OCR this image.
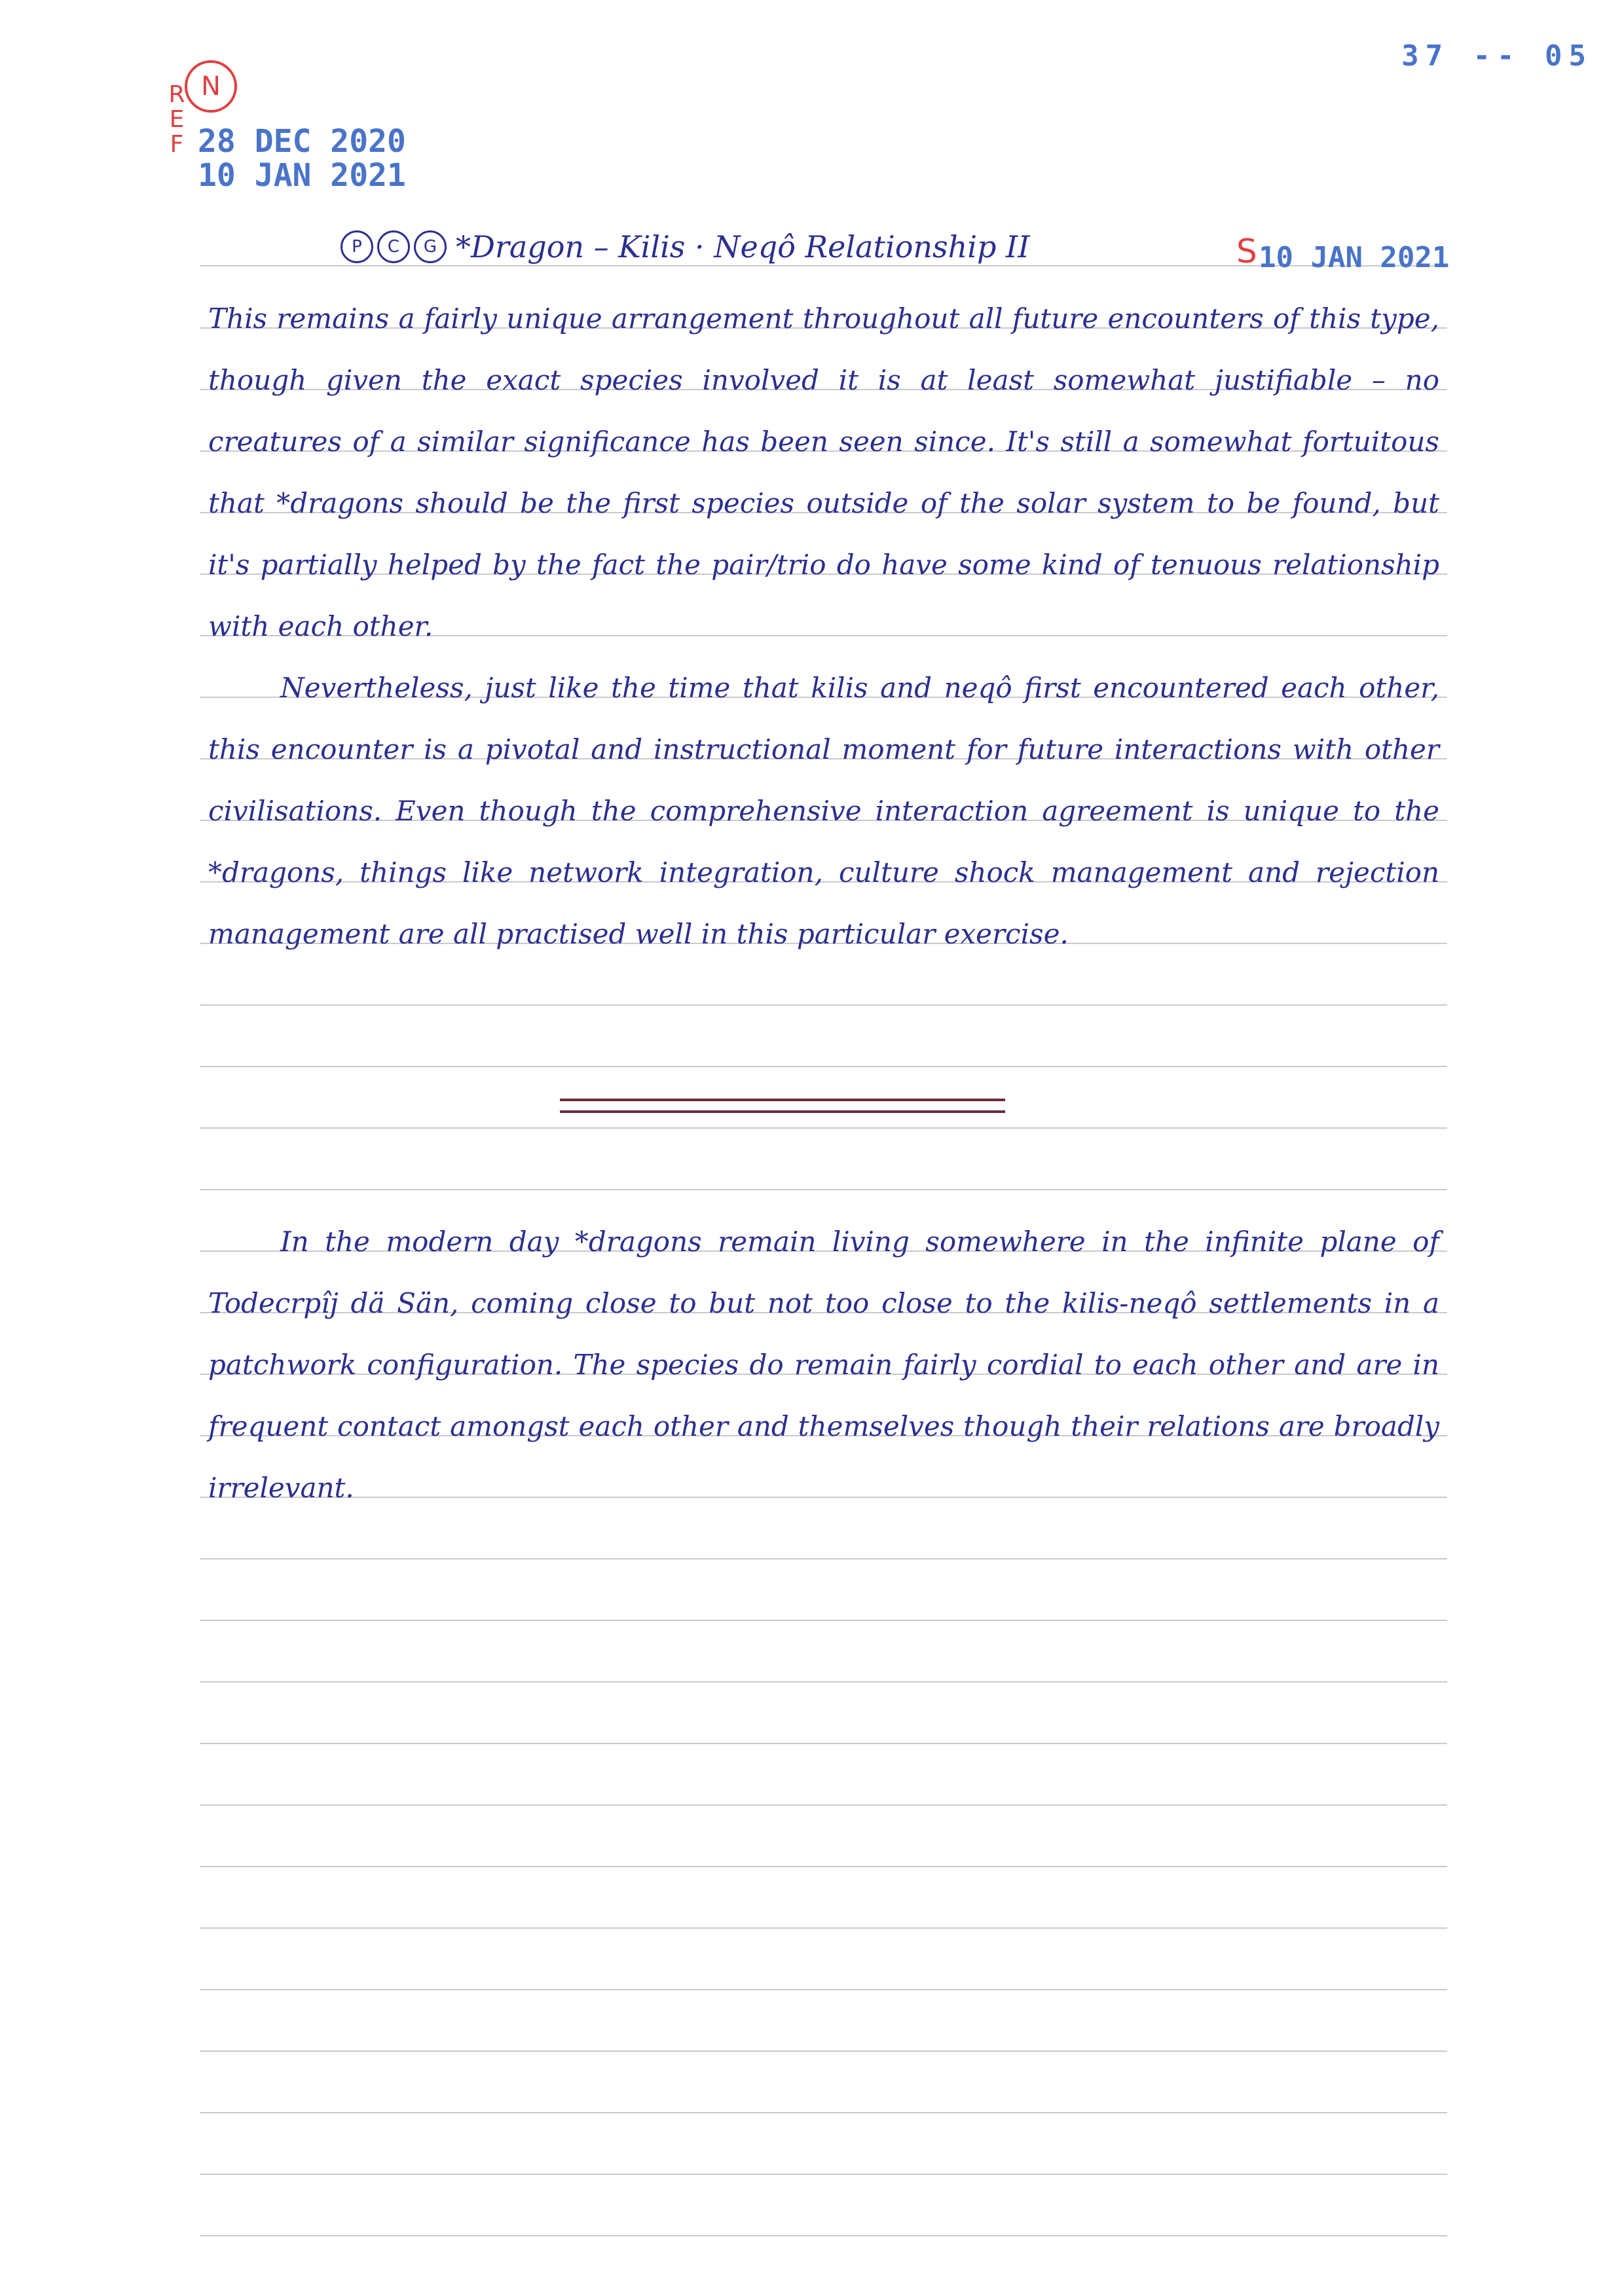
37 -- 05
N
R
E
F 28 DEC 2020
10 JAN 2021
P	C	G *Dragon – Kilis · Neqô Relationship II	S 10 JAN 2021

This remains a fairly unique arrangement throughout all future encounters of this type, though given the exact species involved it is at least somewhat justifiable – no creatures of a similar significance has been seen since. It's still a somewhat fortuitous that *dragons should be the first species outside of the solar system to be found, but it's partially helped by the fact the pair/trio do have some kind of tenuous relationship with each other.

Nevertheless, just like the time that kilis and neqô first encountered each other, this encounter is a pivotal and instructional moment for future interactions with other civilisations. Even though the comprehensive interaction agreement is unique to the *dragons, things like network integration, culture shock management and rejection management are all practised well in this particular exercise.

In the modern day *dragons remain living somewhere in the infinite plane of Todecrpîj dä Sän, coming close to but not too close to the kilis-neqô settlements in a patchwork configuration. The species do remain fairly cordial to each other and are in frequent contact amongst each other and themselves though their relations are broadly irrelevant.
